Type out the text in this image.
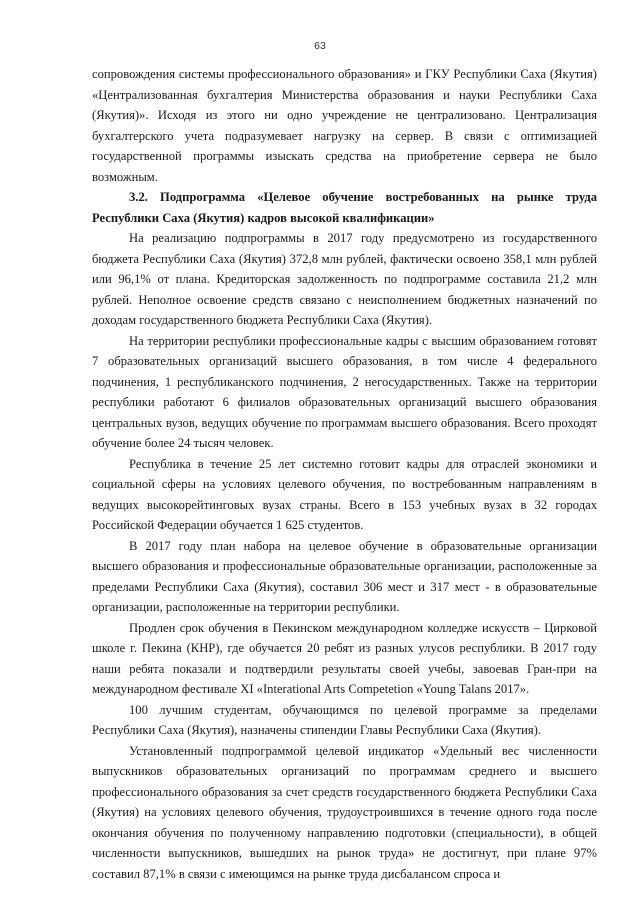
63

сопровождения системы профессионального образования» и ГКУ Республики Саха (Якутия) «Централизованная бухгалтерия Министерства образования и науки Республики Саха (Якутия)». Исходя из этого ни одно учреждение не централизовано. Централизация бухгалтерского учета подразумевает нагрузку на сервер. В связи с оптимизацией государственной программы изыскать средства на приобретение сервера не было возможным.

3.2. Подпрограмма «Целевое обучение востребованных на рынке труда Республики Саха (Якутия) кадров высокой квалификации»

На реализацию подпрограммы в 2017 году предусмотрено из государственного бюджета Республики Саха (Якутия) 372,8 млн рублей, фактически освоено 358,1 млн рублей или 96,1% от плана. Кредиторская задолженность по подпрограмме составила 21,2 млн рублей. Неполное освоение средств связано с неисполнением бюджетных назначений по доходам государственного бюджета Республики Саха (Якутия).

На территории республики профессиональные кадры с высшим образованием готовят 7 образовательных организаций высшего образования, в том числе 4 федерального подчинения, 1 республиканского подчинения, 2 негосударственных. Также на территории республики работают 6 филиалов образовательных организаций высшего образования центральных вузов, ведущих обучение по программам высшего образования. Всего проходят обучение более 24 тысяч человек.

Республика в течение 25 лет системно готовит кадры для отраслей экономики и социальной сферы на условиях целевого обучения, по востребованным направлениям в ведущих высокорейтинговых вузах страны. Всего в 153 учебных вузах в 32 городах Российской Федерации обучается 1 625 студентов.

В 2017 году план набора на целевое обучение в образовательные организации высшего образования и профессиональные образовательные организации, расположенные за пределами Республики Саха (Якутия), составил 306 мест и 317 мест - в образовательные организации, расположенные на территории республики.

Продлен срок обучения в Пекинском международном колледже искусств – Цирковой школе г. Пекина (КНР), где обучается 20 ребят из разных улусов республики. В 2017 году наши ребята показали и подтвердили результаты своей учебы, завоевав Гран-при на международном фестивале XI «Interational Arts Competetion «Young Talans 2017».

100 лучшим студентам, обучающимся по целевой программе за пределами Республики Саха (Якутия), назначены стипендии Главы Республики Саха (Якутия).

Установленный подпрограммой целевой индикатор «Удельный вес численности выпускников образовательных организаций по программам среднего и высшего профессионального образования за счет средств государственного бюджета Республики Саха (Якутия) на условиях целевого обучения, трудоустроившихся в течение одного года после окончания обучения по полученному направлению подготовки (специальности), в общей численности выпускников, вышедших на рынок труда» не достигнут, при плане 97% составил 87,1% в связи с имеющимся на рынке труда дисбалансом спроса и
